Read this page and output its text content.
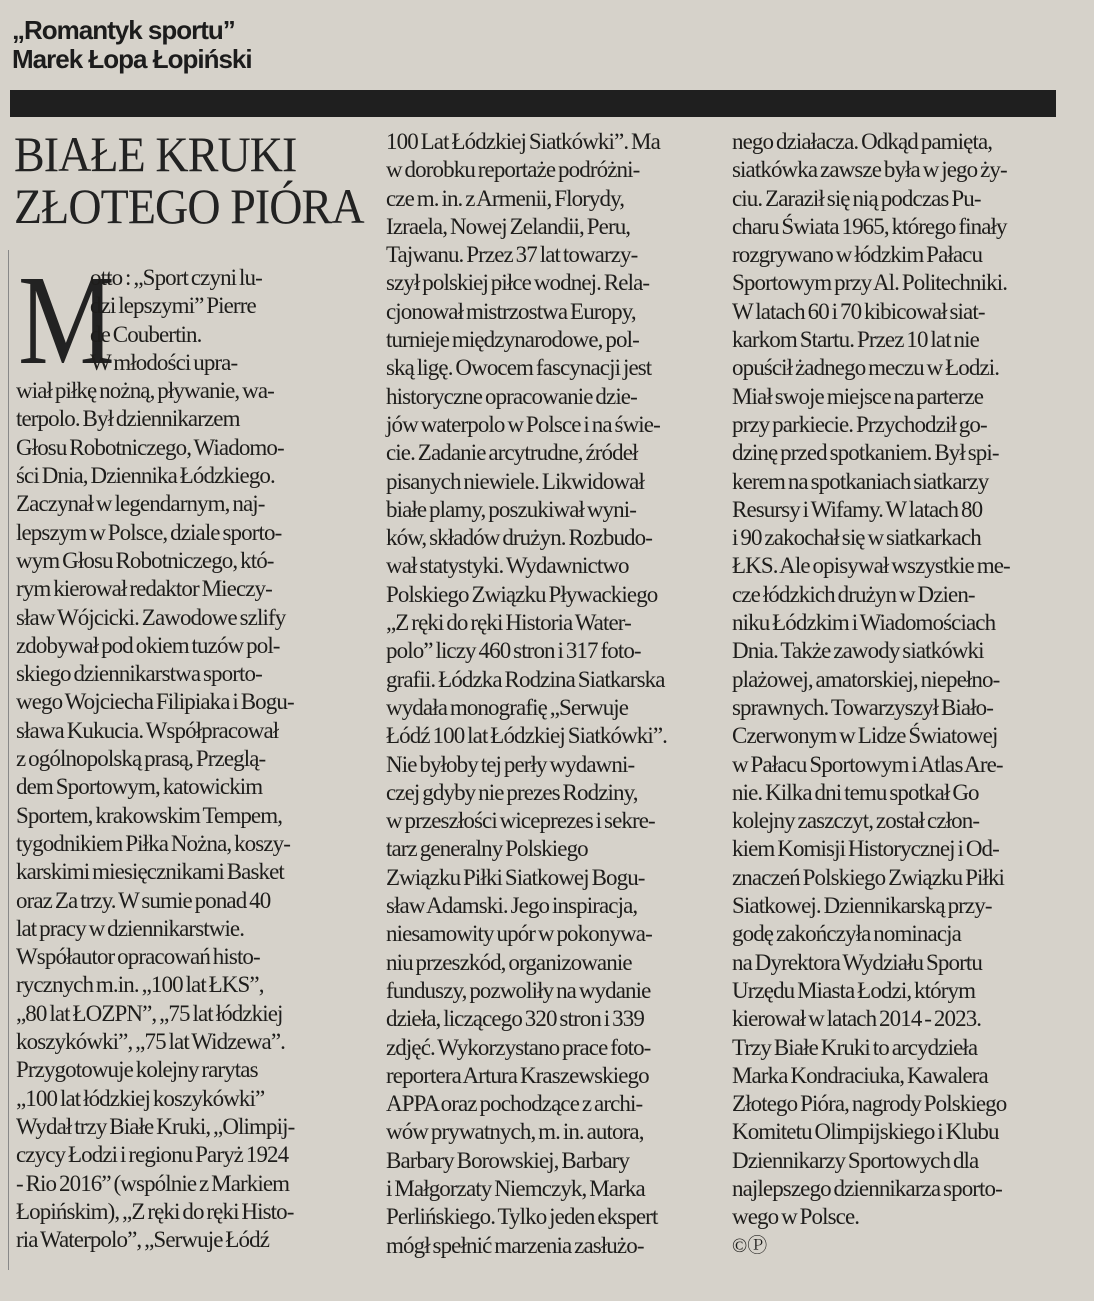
„Romantyk sportu”
Marek Łopa Łopiński
BIAŁE KRUKI
ZŁOTEGO PIÓRA
M
otto : „Sport czyni lu-
dzi lepszymi” Pierre
de Coubertin.
W młodości upra-
wiał piłkę nożną, pływanie, wa-
terpolo. Był dziennikarzem
Głosu Robotniczego, Wiadomo-
ści Dnia, Dziennika Łódzkiego.
Zaczynał w legendarnym, naj-
lepszym w Polsce, dziale sporto-
wym Głosu Robotniczego, któ-
rym kierował redaktor Mieczy-
sław Wójcicki. Zawodowe szlify
zdobywał pod okiem tuzów pol-
skiego dziennikarstwa sporto-
wego Wojciecha Filipiaka i Bogu-
sława Kukucia. Współpracował
z ogólnopolską prasą, Przeglą-
dem Sportowym, katowickim
Sportem, krakowskim Tempem,
tygodnikiem Piłka Nożna, koszy-
karskimi miesięcznikami Basket
oraz Za trzy. W sumie ponad 40
lat pracy w dziennikarstwie.
Współautor opracowań histo-
rycznych m.in. „100 lat ŁKS”,
„80 lat ŁOZPN”, „75 lat łódzkiej
koszykówki”, „75 lat Widzewa”.
Przygotowuje kolejny rarytas
„100 lat łódzkiej koszykówki”
Wydał trzy Białe Kruki, „Olimpij-
czycy Łodzi i regionu Paryż 1924
- Rio 2016” (wspólnie z Markiem
Łopińskim), „Z ręki do ręki Histo-
ria Waterpolo”, „Serwuje Łódź
100 Lat Łódzkiej Siatkówki”. Ma
w dorobku reportaże podróżni-
cze m. in. z Armenii, Florydy,
Izraela, Nowej Zelandii, Peru,
Tajwanu. Przez 37 lat towarzy-
szył polskiej piłce wodnej. Rela-
cjonował mistrzostwa Europy,
turnieje międzynarodowe, pol-
ską ligę. Owocem fascynacji jest
historyczne opracowanie dzie-
jów waterpolo w Polsce i na świe-
cie. Zadanie arcytrudne, źródeł
pisanych niewiele. Likwidował
białe plamy, poszukiwał wyni-
ków, składów drużyn. Rozbudo-
wał statystyki. Wydawnictwo
Polskiego Związku Pływackiego
„Z ręki do ręki Historia Water-
polo” liczy 460 stron i 317 foto-
grafii. Łódzka Rodzina Siatkarska
wydała monografię „Serwuje
Łódź 100 lat Łódzkiej Siatkówki”.
Nie byłoby tej perły wydawni-
czej gdyby nie prezes Rodziny,
w przeszłości wiceprezes i sekre-
tarz generalny Polskiego
Związku Piłki Siatkowej Bogu-
sław Adamski. Jego inspiracja,
niesamowity upór w pokonywa-
niu przeszkód, organizowanie
funduszy, pozwoliły na wydanie
dzieła, liczącego 320 stron i 339
zdjęć. Wykorzystano prace foto-
reportera Artura Kraszewskiego
APPA oraz pochodzące z archi-
wów prywatnych, m. in. autora,
Barbary Borowskiej, Barbary
i Małgorzaty Niemczyk, Marka
Perlińskiego. Tylko jeden ekspert
mógł spełnić marzenia zasłużo-
nego działacza. Odkąd pamięta,
siatkówka zawsze była w jego ży-
ciu. Zaraził się nią podczas Pu-
charu Świata 1965, którego finały
rozgrywano w łódzkim Pałacu
Sportowym przy Al. Politechniki.
W latach 60 i 70 kibicował siat-
karkom Startu. Przez 10 lat nie
opuścił żadnego meczu w Łodzi.
Miał swoje miejsce na parterze
przy parkiecie. Przychodził go-
dzinę przed spotkaniem. Był spi-
kerem na spotkaniach siatkarzy
Resursy i Wifamy. W latach 80
i 90 zakochał się w siatkarkach
ŁKS. Ale opisywał wszystkie me-
cze łódzkich drużyn w Dzien-
niku Łódzkim i Wiadomościach
Dnia. Także zawody siatkówki
plażowej, amatorskiej, niepełno-
sprawnych. Towarzyszył Biało-
Czerwonym w Lidze Światowej
w Pałacu Sportowym i Atlas Are-
nie. Kilka dni temu spotkał Go
kolejny zaszczyt, został człon-
kiem Komisji Historycznej i Od-
znaczeń Polskiego Związku Piłki
Siatkowej. Dziennikarską przy-
godę zakończyła nominacja
na Dyrektora Wydziału Sportu
Urzędu Miasta Łodzi, którym
kierował w latach 2014 - 2023.
Trzy Białe Kruki to arcydzieła
Marka Kondraciuka, Kawalera
Złotego Pióra, nagrody Polskiego
Komitetu Olimpijskiego i Klubu
Dziennikarzy Sportowych dla
najlepszego dziennikarza sporto-
wego w Polsce.
©Ⓟ
